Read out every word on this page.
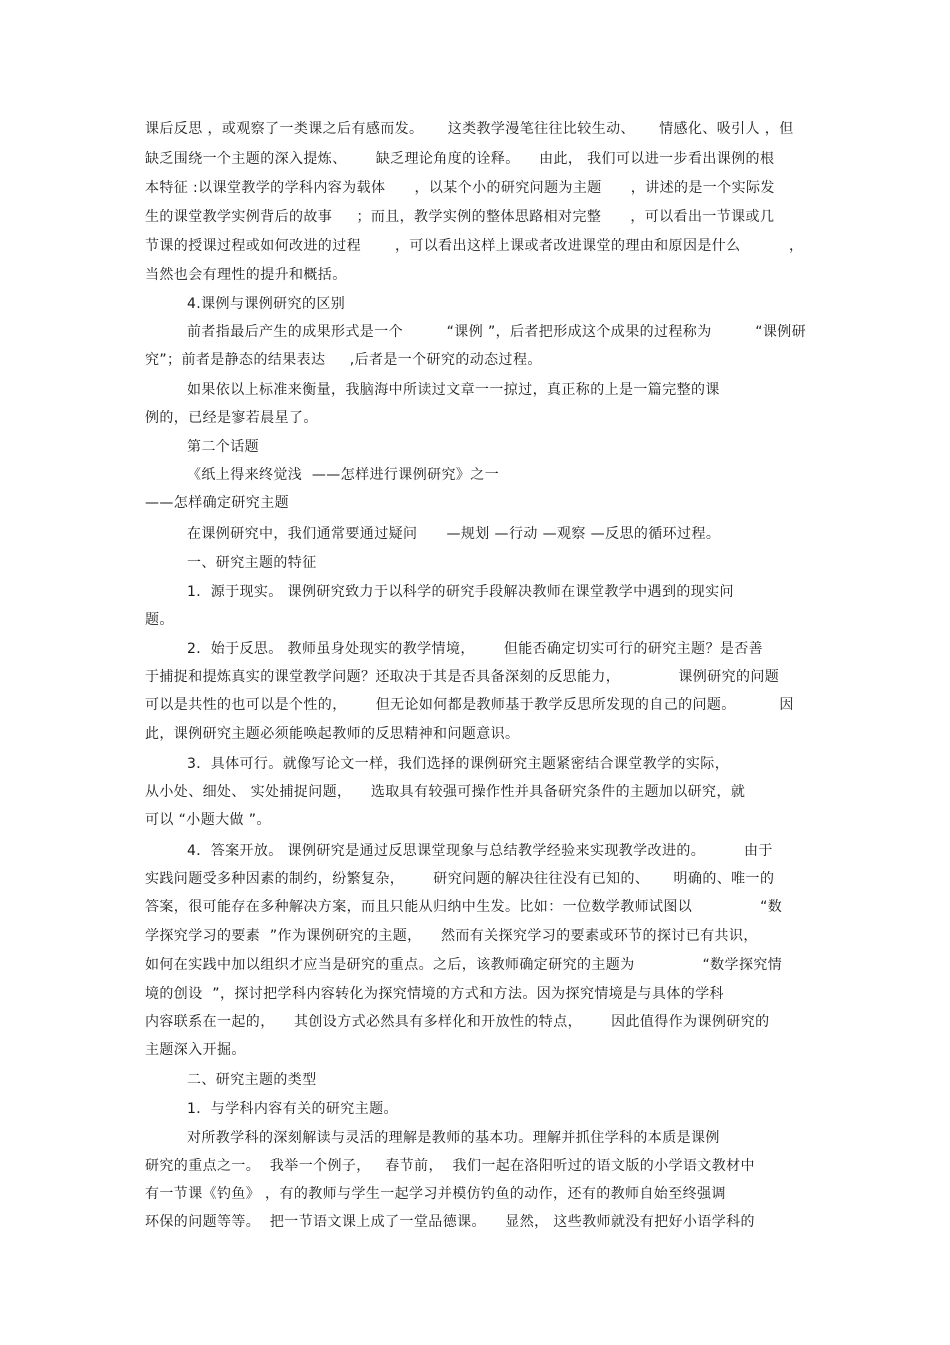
课后反思 ，或观察了一类课之后有感而发。     这类教学漫笔往往比较生动、     情感化、吸引人 ，但
缺乏围绕一个主题的深入提炼、      缺乏理论角度的诠释。    由此， 我们可以进一步看出课例的根
本特征 :以课堂教学的学科内容为载体      ，以某个小的研究问题为主题      ，讲述的是一个实际发
生的课堂教学实例背后的故事     ；而且，教学实例的整体思路相对完整      ，可以看出一节课或几
节课的授课过程或如何改进的过程       ，可以看出这样上课或者改进课堂的理由和原因是什么          ，
当然也会有理性的提升和概括。
4.课例与课例研究的区别
前者指最后产生的成果形式是一个         “课例 ”，后者把形成这个成果的过程称为         “课例研
究”；前者是静态的结果表达     ,后者是一个研究的动态过程。
如果依以上标准来衡量，我脑海中所读过文章一一掠过，真正称的上是一篇完整的课
例的，已经是寥若晨星了。
第二个话题
《纸上得来终觉浅  ——怎样进行课例研究》之一
——怎样确定研究主题
在课例研究中，我们通常要通过疑问      —规划 —行动 —观察 —反思的循环过程。
一、研究主题的特征
1．源于现实。 课例研究致力于以科学的研究手段解决教师在课堂教学中遇到的现实问
题。
2．始于反思。 教师虽身处现实的教学情境，      但能否确定切实可行的研究主题？是否善
于捕捉和提炼真实的课堂教学问题？还取决于其是否具备深刻的反思能力，            课例研究的问题
可以是共性的也可以是个性的，      但无论如何都是教师基于教学反思所发现的自己的问题。         因
此，课例研究主题必须能唤起教师的反思精神和问题意识。
3．具体可行。就像写论文一样，我们选择的课例研究主题紧密结合课堂教学的实际，
从小处、细处、 实处捕捉问题，    选取具有较强可操作性并具备研究条件的主题加以研究，就
可以 “小题大做 ”。
4．答案开放。 课例研究是通过反思课堂现象与总结教学经验来实现教学改进的。        由于
实践问题受多种因素的制约，纷繁复杂，      研究问题的解决往往没有已知的、     明确的、唯一的
答案，很可能存在多种解决方案，而且只能从归纳中生发。比如：一位数学教师试图以              “数
学探究学习的要素  ”作为课例研究的主题，    然而有关探究学习的要素或环节的探讨已有共识，
如何在实践中加以组织才应当是研究的重点。之后，该教师确定研究的主题为              “数学探究情
境的创设  ”，探讨把学科内容转化为探究情境的方式和方法。因为探究情境是与具体的学科
内容联系在一起的，    其创设方式必然具有多样化和开放性的特点，      因此值得作为课例研究的
主题深入开掘。
二、研究主题的类型
1．与学科内容有关的研究主题。
对所教学科的深刻解读与灵活的理解是教师的基本功。理解并抓住学科的本质是课例
研究的重点之一。  我举一个例子，   春节前，  我们一起在洛阳听过的语文版的小学语文教材中
有一节课《钓鱼》 ，有的教师与学生一起学习并模仿钓鱼的动作，还有的教师自始至终强调
环保的问题等等。  把一节语文课上成了一堂品德课。    显然， 这些教师就没有把好小语学科的
